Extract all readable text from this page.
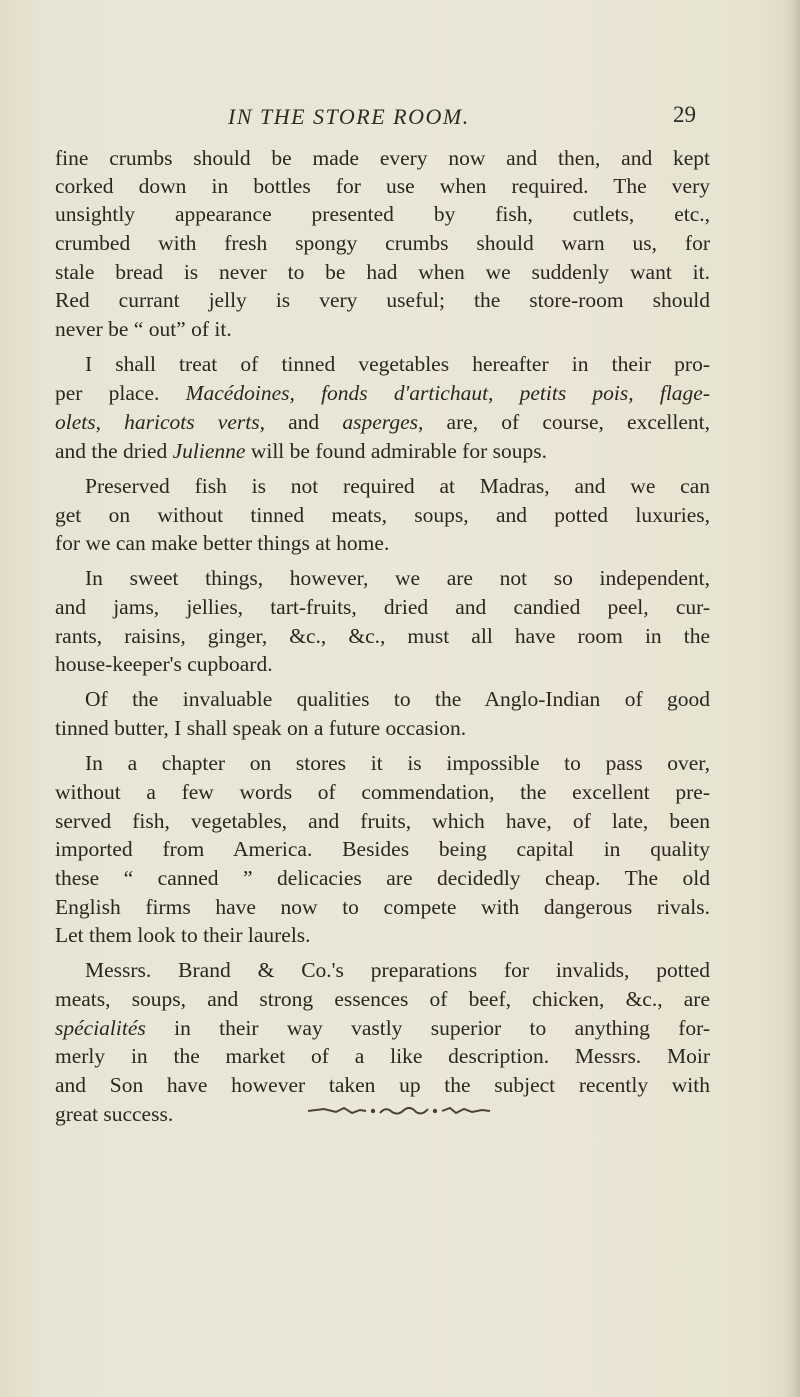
IN THE STORE ROOM.	29
fine crumbs should be made every now and then, and kept
corked down in bottles for use when required. The very
unsightly appearance presented by fish, cutlets, etc.,
crumbed with fresh spongy crumbs should warn us, for
stale bread is never to be had when we suddenly want it.
Red currant jelly is very useful; the store-room should
never be “ out” of it.
I shall treat of tinned vegetables hereafter in their pro-
per place. Macédoines, fonds d'artichaut, petits pois, flage-
olets, haricots verts, and asperges, are, of course, excellent,
and the dried Julienne will be found admirable for soups.
Preserved fish is not required at Madras, and we can
get on without tinned meats, soups, and potted luxuries,
for we can make better things at home.
In sweet things, however, we are not so independent,
and jams, jellies, tart-fruits, dried and candied peel, cur-
rants, raisins, ginger, &c., &c., must all have room in the
house-keeper's cupboard.
Of the invaluable qualities to the Anglo-Indian of good
tinned butter, I shall speak on a future occasion.
In a chapter on stores it is impossible to pass over,
without a few words of commendation, the excellent pre-
served fish, vegetables, and fruits, which have, of late, been
imported from America. Besides being capital in quality
these “ canned ” delicacies are decidedly cheap. The old
English firms have now to compete with dangerous rivals.
Let them look to their laurels.
Messrs. Brand & Co.'s preparations for invalids, potted
meats, soups, and strong essences of beef, chicken, &c., are
spécialités in their way vastly superior to anything for-
merly in the market of a like description. Messrs. Moir
and Son have however taken up the subject recently with
great success.
